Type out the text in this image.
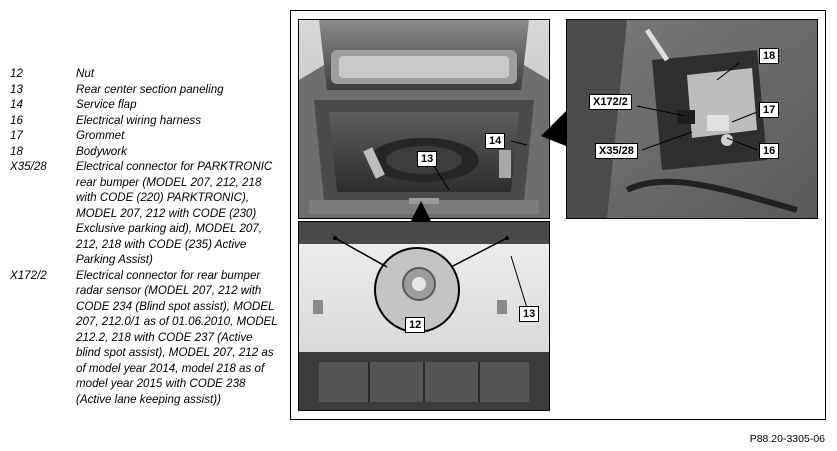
12	Nut
13	Rear center section paneling
14	Service flap
16	Electrical wiring harness
17	Grommet
18	Bodywork
X35/28	Electrical connector for PARKTRONIC rear bumper (MODEL 207, 212, 218 with CODE (220) PARKTRONIC), MODEL 207, 212 with CODE (230) Exclusive parking aid), MODEL 207, 212, 218 with CODE (235) Active Parking Assist)
X172/2	Electrical connector for rear bumper radar sensor (MODEL 207, 212 with CODE 234 (Blind spot assist), MODEL 207, 212.0/1 as of 01.06.2010, MODEL 212.2, 218 with CODE 237 (Active blind spot assist), MODEL 207, 212 as of model year 2014, model 218 as of model year 2015 with CODE 238 (Active lane keeping assist))
14
13
18
X172/2
17
X35/28	16
12
13
P88.20-3305-06
